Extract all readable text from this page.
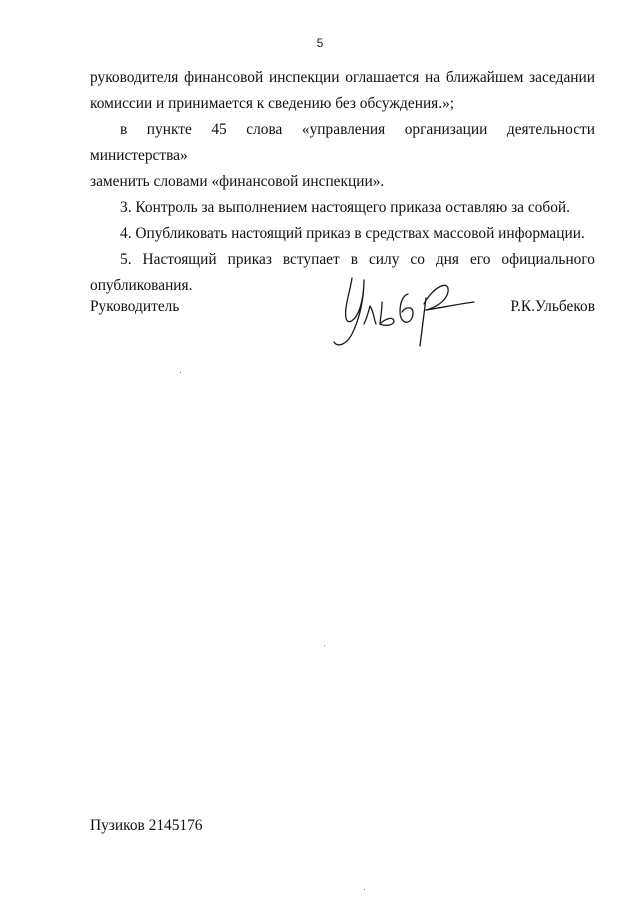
5

руководителя финансовой инспекции оглашается на ближайшем заседании
комиссии и принимается к сведению без обсуждения.»;

в пункте 45 слова «управления организации деятельности министерства»
заменить словами «финансовой инспекции».

3. Контроль за выполнением настоящего приказа оставляю за собой.

4. Опубликовать настоящий приказ в средствах массовой информации.

5. Настоящий приказ вступает в силу со дня его официального
опубликования.

Руководитель	Р.К.Ульбеков
Пузиков 2145176
